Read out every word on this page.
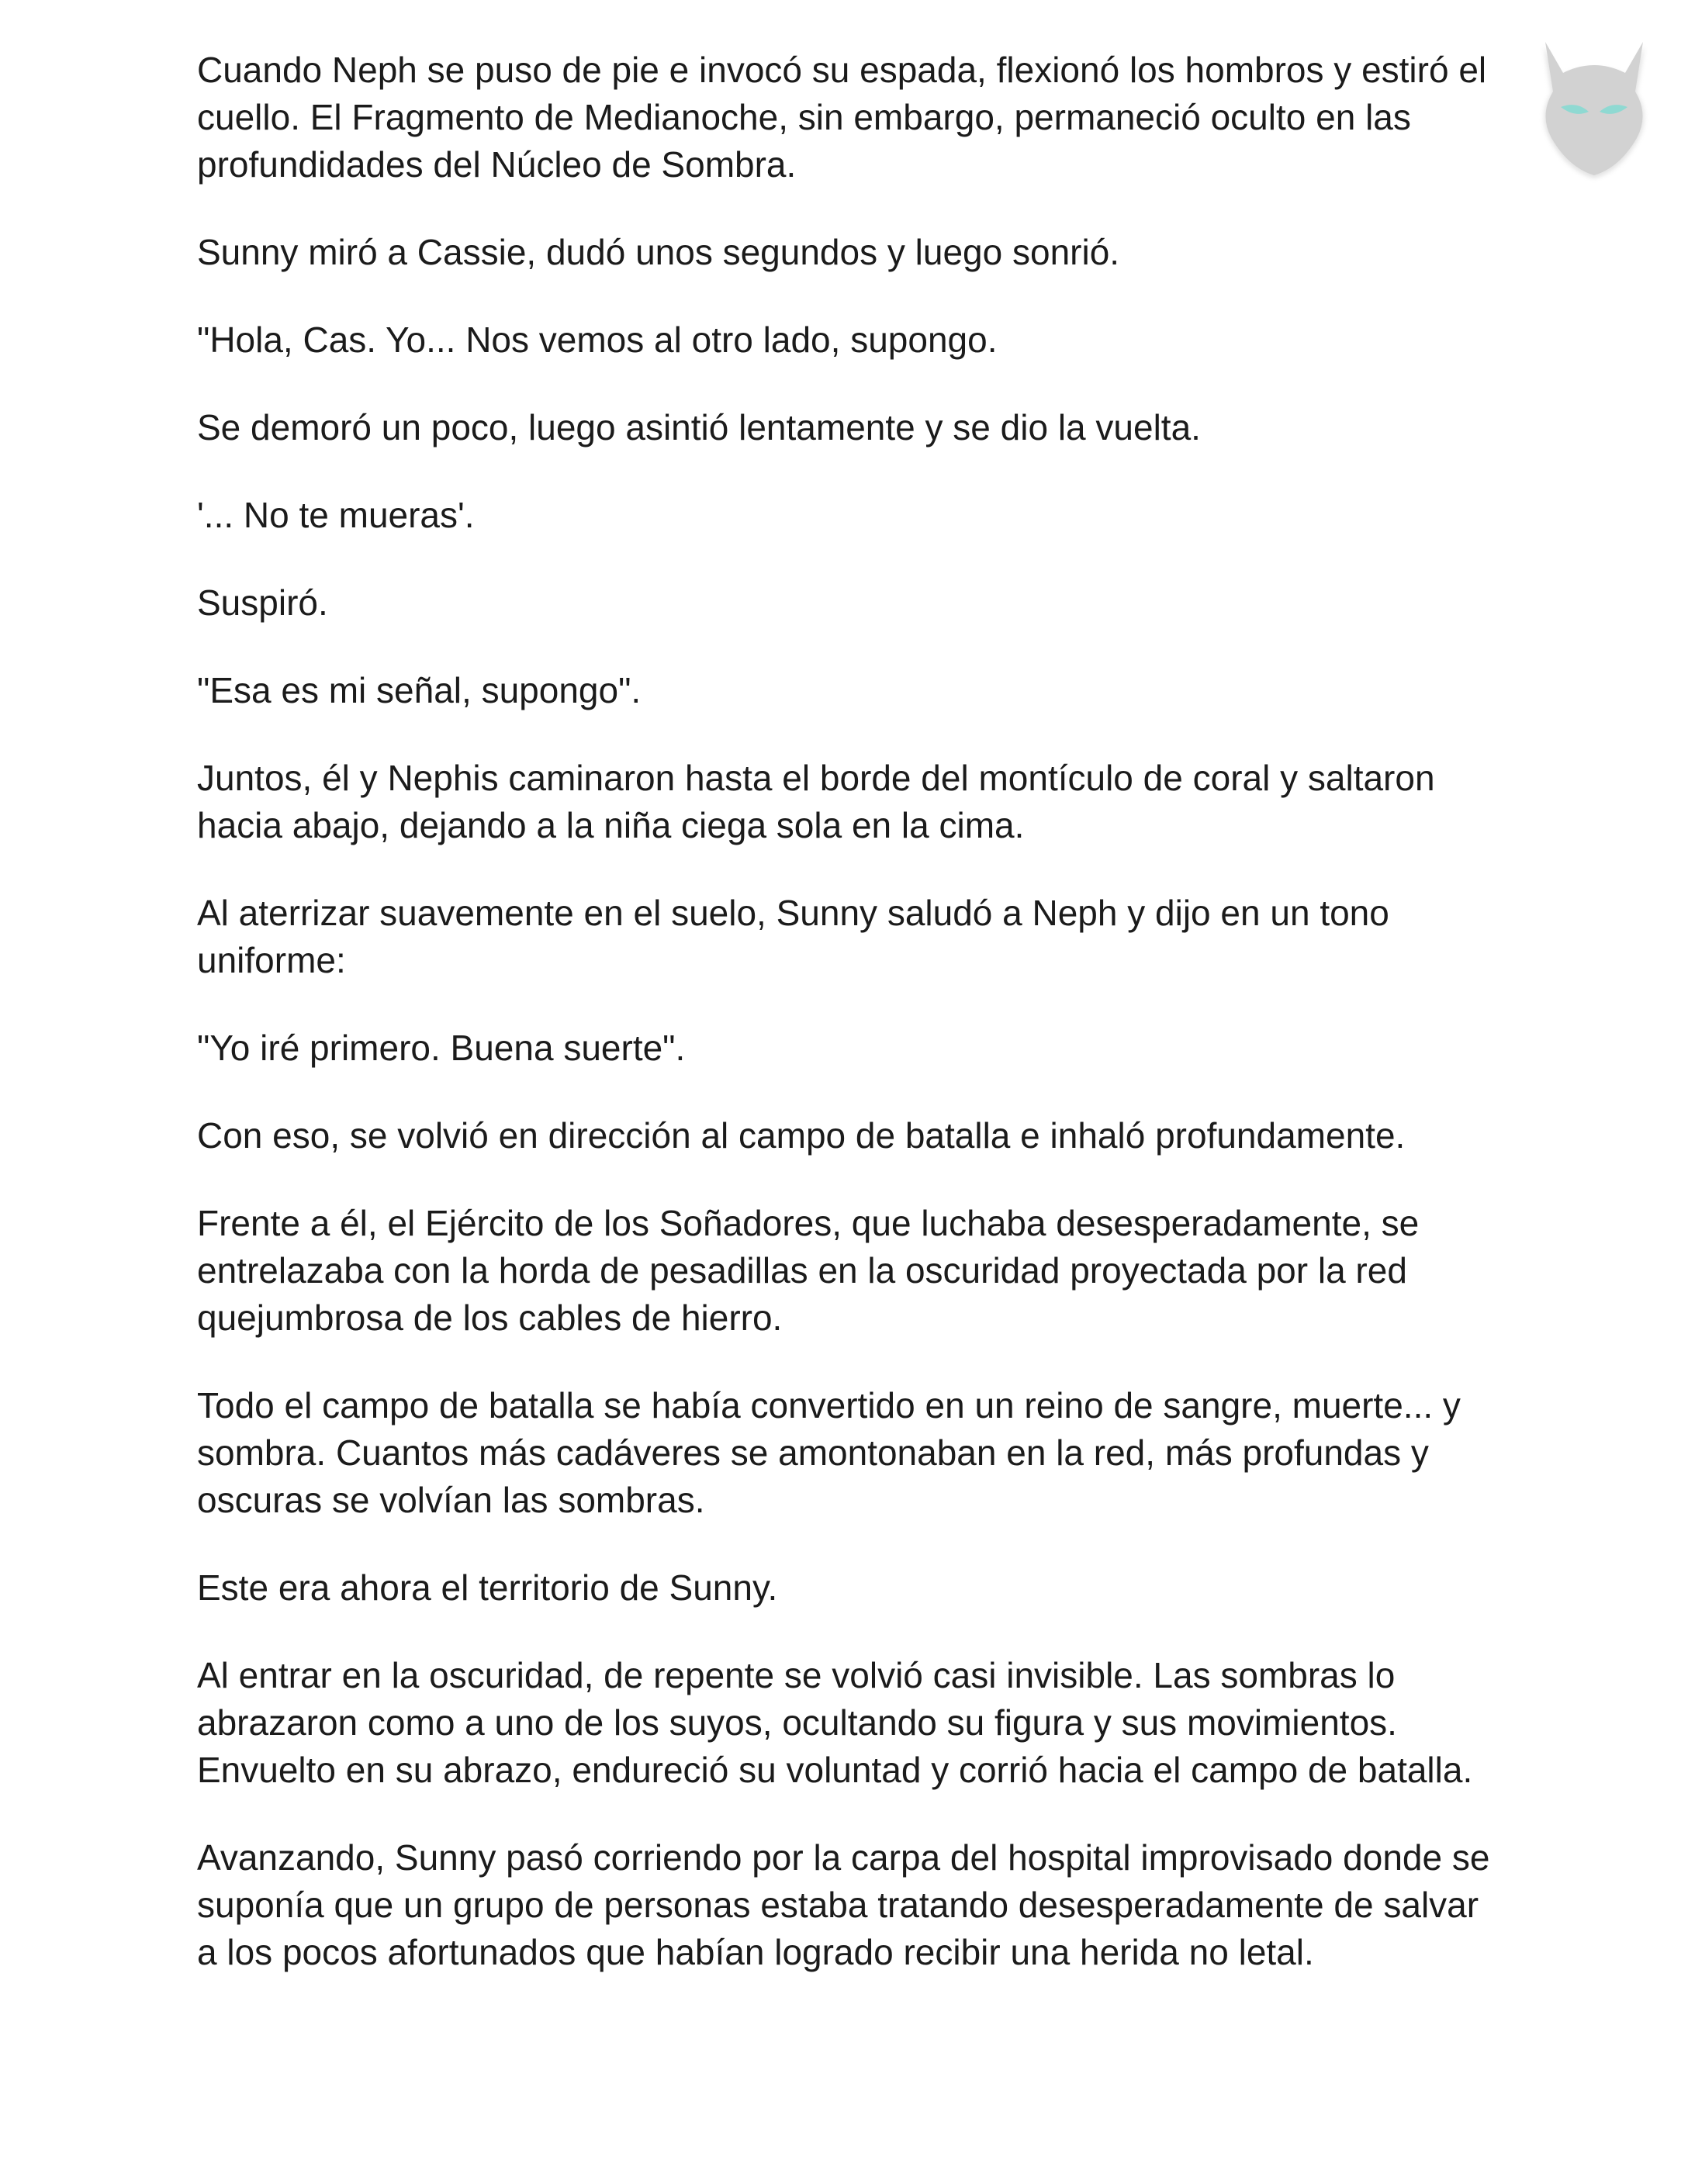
Cuando Neph se puso de pie e invocó su espada, flexionó los hombros y estiró el cuello. El Fragmento de Medianoche, sin embargo, permaneció oculto en las profundidades del Núcleo de Sombra.

Sunny miró a Cassie, dudó unos segundos y luego sonrió.

"Hola, Cas. Yo... Nos vemos al otro lado, supongo.

Se demoró un poco, luego asintió lentamente y se dio la vuelta.

'... No te mueras'.

Suspiró.

"Esa es mi señal, supongo".

Juntos, él y Nephis caminaron hasta el borde del montículo de coral y saltaron hacia abajo, dejando a la niña ciega sola en la cima.

Al aterrizar suavemente en el suelo, Sunny saludó a Neph y dijo en un tono uniforme:

"Yo iré primero. Buena suerte".

Con eso, se volvió en dirección al campo de batalla e inhaló profundamente.

Frente a él, el Ejército de los Soñadores, que luchaba desesperadamente, se entrelazaba con la horda de pesadillas en la oscuridad proyectada por la red quejumbrosa de los cables de hierro.

Todo el campo de batalla se había convertido en un reino de sangre, muerte... y sombra. Cuantos más cadáveres se amontonaban en la red, más profundas y oscuras se volvían las sombras.

Este era ahora el territorio de Sunny.

Al entrar en la oscuridad, de repente se volvió casi invisible. Las sombras lo abrazaron como a uno de los suyos, ocultando su figura y sus movimientos. Envuelto en su abrazo, endureció su voluntad y corrió hacia el campo de batalla.

Avanzando, Sunny pasó corriendo por la carpa del hospital improvisado donde se suponía que un grupo de personas estaba tratando desesperadamente de salvar a los pocos afortunados que habían logrado recibir una herida no letal.
